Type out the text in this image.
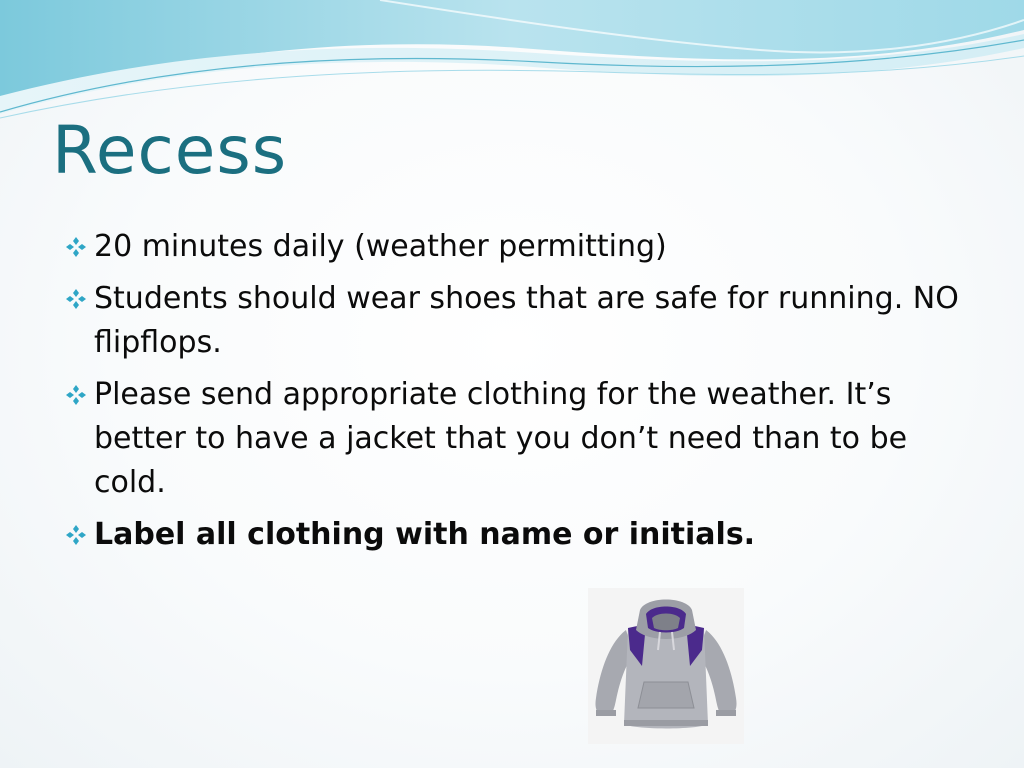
Recess
20 minutes daily (weather permitting)
Students should wear shoes that are safe for running. NO flipflops.
Please send appropriate clothing for the weather. It’s better to have a jacket that you don’t need than to be cold.
Label all clothing with name or initials.
